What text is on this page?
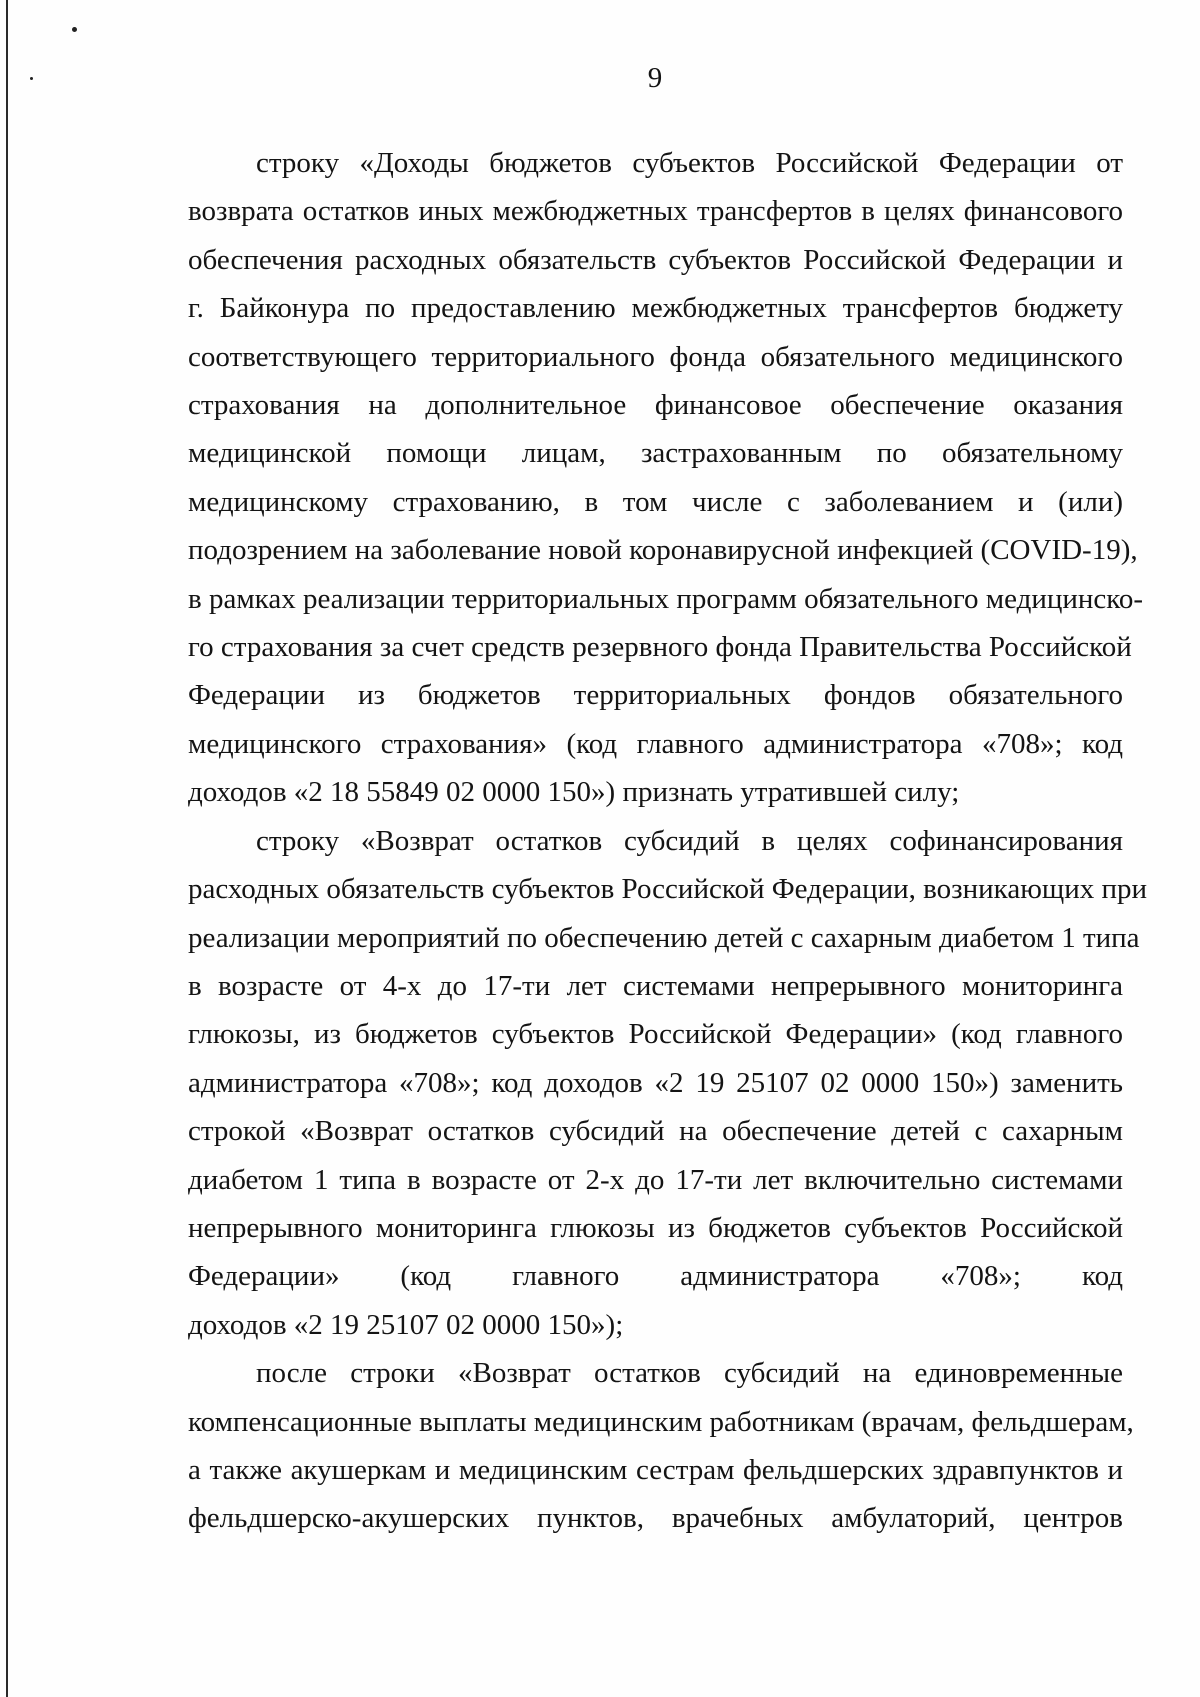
9
строку «Доходы бюджетов субъектов Российской Федерации от
возврата остатков иных межбюджетных трансфертов в целях финансового
обеспечения расходных обязательств субъектов Российской Федерации и
г. Байконура по предоставлению межбюджетных трансфертов бюджету
соответствующего территориального фонда обязательного медицинского
страхования на дополнительное финансовое обеспечение оказания
медицинской помощи лицам, застрахованным по обязательному
медицинскому страхованию, в том числе с заболеванием и (или)
подозрением на заболевание новой коронавирусной инфекцией (COVID-19),
в рамках реализации территориальных программ обязательного медицинско-
го страхования за счет средств резервного фонда Правительства Российской
Федерации из бюджетов территориальных фондов обязательного
медицинского страхования» (код главного администратора «708»; код
доходов «2 18 55849 02 0000 150») признать утратившей силу;
строку «Возврат остатков субсидий в целях софинансирования
расходных обязательств субъектов Российской Федерации, возникающих при
реализации мероприятий по обеспечению детей с сахарным диабетом 1 типа
в возрасте от 4-х до 17-ти лет системами непрерывного мониторинга
глюкозы, из бюджетов субъектов Российской Федерации» (код главного
администратора «708»; код доходов «2 19 25107 02 0000 150») заменить
строкой «Возврат остатков субсидий на обеспечение детей с сахарным
диабетом 1 типа в возрасте от 2-х до 17-ти лет включительно системами
непрерывного мониторинга глюкозы из бюджетов субъектов Российской
Федерации» (код главного администратора «708»; код
доходов «2 19 25107 02 0000 150»);
после строки «Возврат остатков субсидий на единовременные
компенсационные выплаты медицинским работникам (врачам, фельдшерам,
а также акушеркам и медицинским сестрам фельдшерских здравпунктов и
фельдшерско-акушерских пунктов, врачебных амбулаторий, центров
